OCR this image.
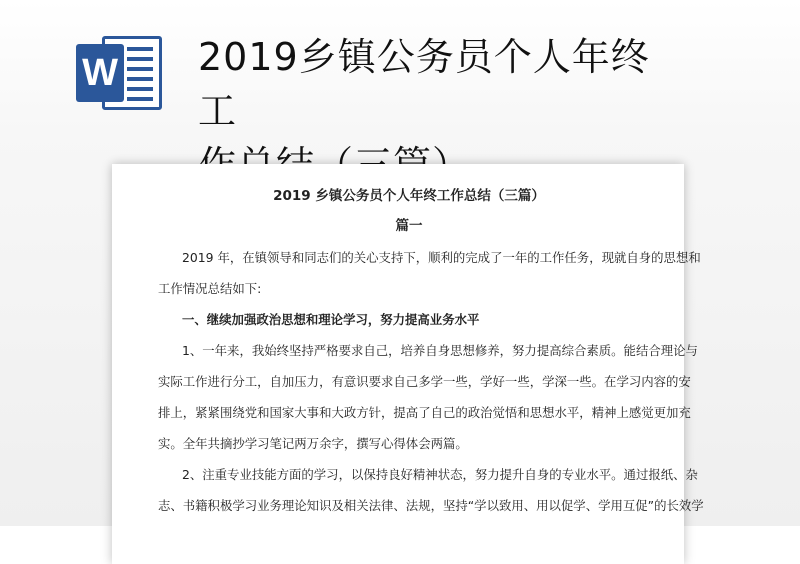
W 2019乡镇公务员个人年终工
2019 乡镇公务员个人年终工作总结（三篇）
篇一
2019 年，在镇领导和同志们的关心支持下，顺利的完成了一年的工作任务，现就自身的思想和
工作情况总结如下:
一、继续加强政治思想和理论学习，努力提高业务水平
1、一年来，我始终坚持严格要求自己，培养自身思想修养，努力提高综合素质。能结合理论与
实际工作进行分工，自加压力，有意识要求自己多学一些，学好一些，学深一些。在学习内容的安
排上，紧紧围绕党和国家大事和大政方针，提高了自己的政治觉悟和思想水平，精神上感觉更加充
实。全年共摘抄学习笔记两万余字，撰写心得体会两篇。
2、注重专业技能方面的学习，以保持良好精神状态，努力提升自身的专业水平。通过报纸、杂
志、书籍积极学习业务理论知识及相关法律、法规，坚持“学以致用、用以促学、学用互促”的长效学
